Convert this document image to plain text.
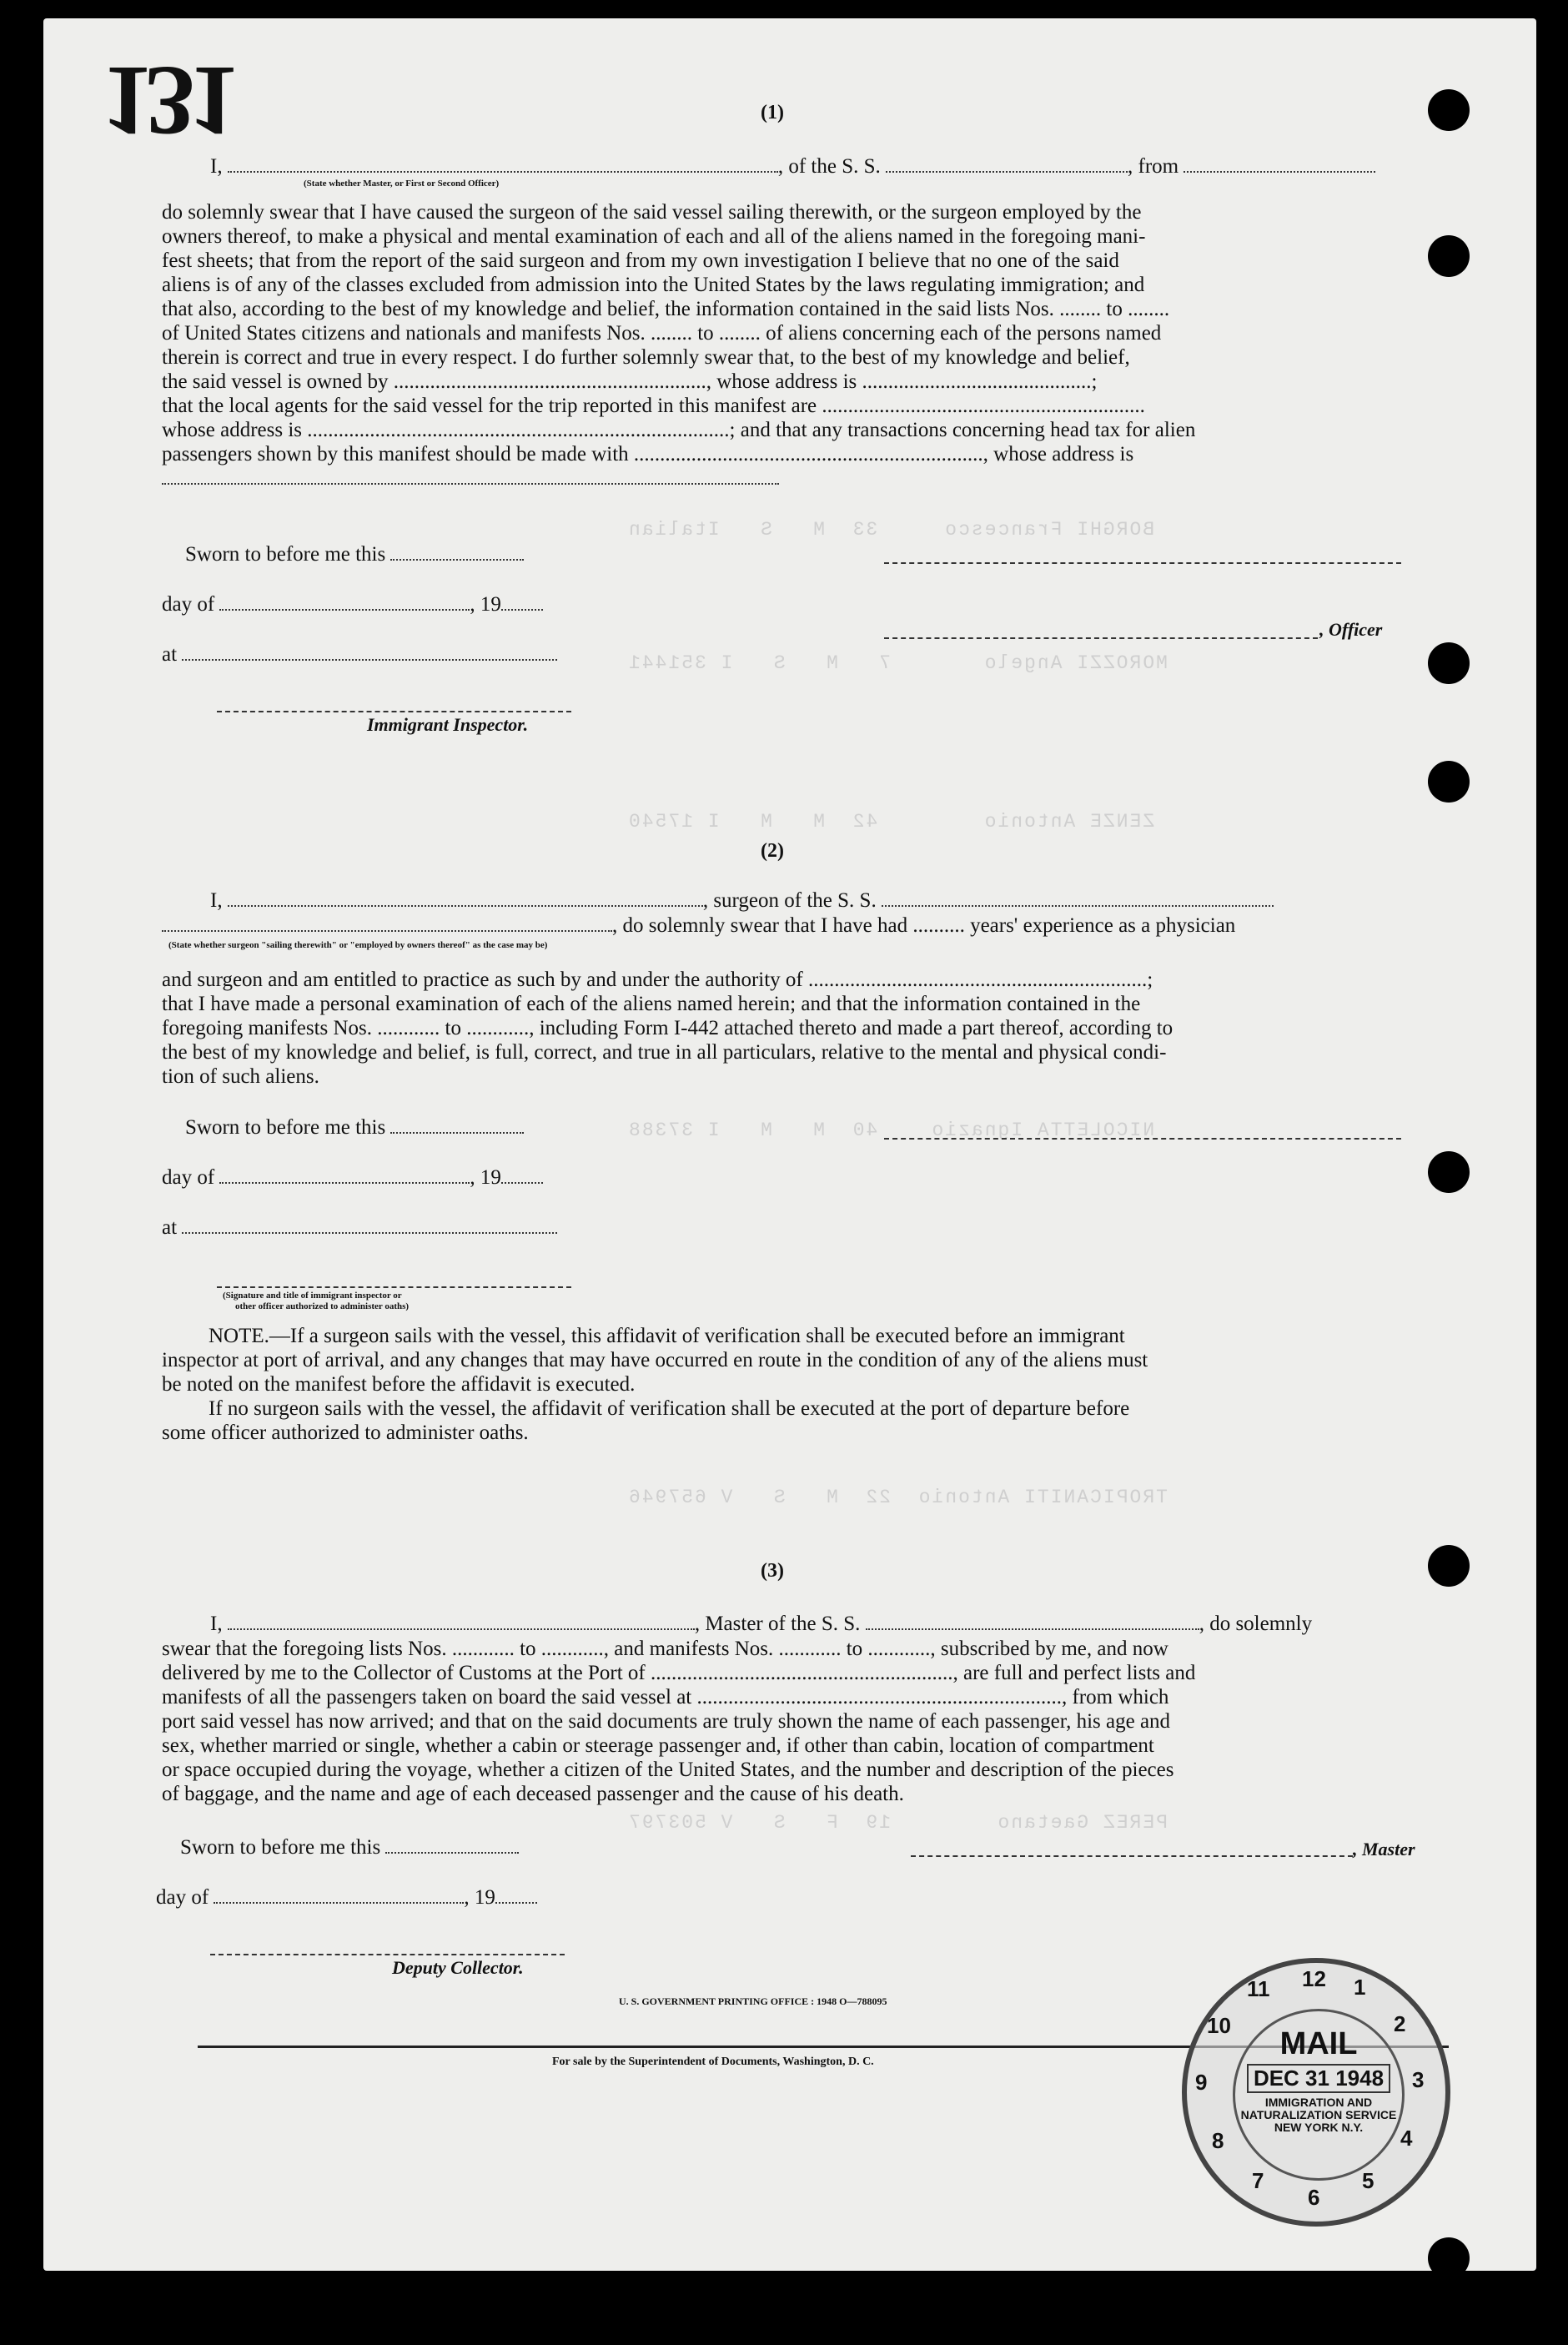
BORGHI Francesco     33  M   S   Italian
MOROZZI Angelo       7   M   S   I 351441
ZENZE Antonio        42  M   M   I 17540
NICOLETTA Ignazio    40  M   M   I 37388
TROPICANITI Antonio  22  M   S   V 657946
PEREZ Gaetano        19  F   S   V 503797
131	(1)
I,	, of the S. S.	, from
(State whether Master, or First or Second Officer)
do solemnly swear that I have caused the surgeon of the said vessel sailing therewith, or the surgeon employed by the
owners thereof, to make a physical and mental examination of each and all of the aliens named in the foregoing mani-
fest sheets; that from the report of the said surgeon and from my own investigation I believe that no one of the said
aliens is of any of the classes excluded from admission into the United States by the laws regulating immigration; and
that also, according to the best of my knowledge and belief, the information contained in the said lists Nos. ........ to ........
of United States citizens and nationals and manifests Nos. ........ to ........ of aliens concerning each of the persons named
therein is correct and true in every respect. I do further solemnly swear that, to the best of my knowledge and belief,
the said vessel is owned by ............................................................, whose address is ............................................;
that the local agents for the said vessel for the trip reported in this manifest are ..............................................................
whose address is .................................................................................; and that any transactions concerning head tax for alien
passengers shown by this manifest should be made with ..................................................................., whose address is
Sworn to before me this
day of	, 19
, Officer
at
Immigrant Inspector.
(2)
I,	, surgeon of the S. S.
, do solemnly swear that I have had .......... years' experience as a physician
(State whether surgeon "sailing therewith" or "employed by owners thereof" as the case may be)
and surgeon and am entitled to practice as such by and under the authority of .................................................................;
that I have made a personal examination of each of the aliens named herein; and that the information contained in the
foregoing manifests Nos. ............ to ............, including Form I-442 attached thereto and made a part thereof, according to
the best of my knowledge and belief, is full, correct, and true in all particulars, relative to the mental and physical condi-
tion of such aliens.
Sworn to before me this
day of	, 19
at
(Signature and title of immigrant inspector or
other officer authorized to administer oaths)
NOTE.—If a surgeon sails with the vessel, this affidavit of verification shall be executed before an immigrant
inspector at port of arrival, and any changes that may have occurred en route in the condition of any of the aliens must
be noted on the manifest before the affidavit is executed.
If no surgeon sails with the vessel, the affidavit of verification shall be executed at the port of departure before
some officer authorized to administer oaths.
(3)
I,	, Master of the S. S.	, do solemnly
swear that the foregoing lists Nos. ............ to ............, and manifests Nos. ............ to ............, subscribed by me, and now
delivered by me to the Collector of Customs at the Port of .........................................................., are full and perfect lists and
manifests of all the passengers taken on board the said vessel at ......................................................................, from which
port said vessel has now arrived; and that on the said documents are truly shown the name of each passenger, his age and
sex, whether married or single, whether a cabin or steerage passenger and, if other than cabin, location of compartment
or space occupied during the voyage, whether a citizen of the United States, and the number and description of the pieces
of baggage, and the name and age of each deceased passenger and the cause of his death.
Sworn to before me this	, Master
day of	, 19
Deputy Collector.
U. S. GOVERNMENT PRINTING OFFICE : 1948 O—788095
For sale by the Superintendent of Documents, Washington, D. C.
12 1
2
3
4
5
6
7
8
9
10
11
MAIL
DEC 31 1948
IMMIGRATION AND NATURALIZATION SERVICE NEW YORK N.Y.
